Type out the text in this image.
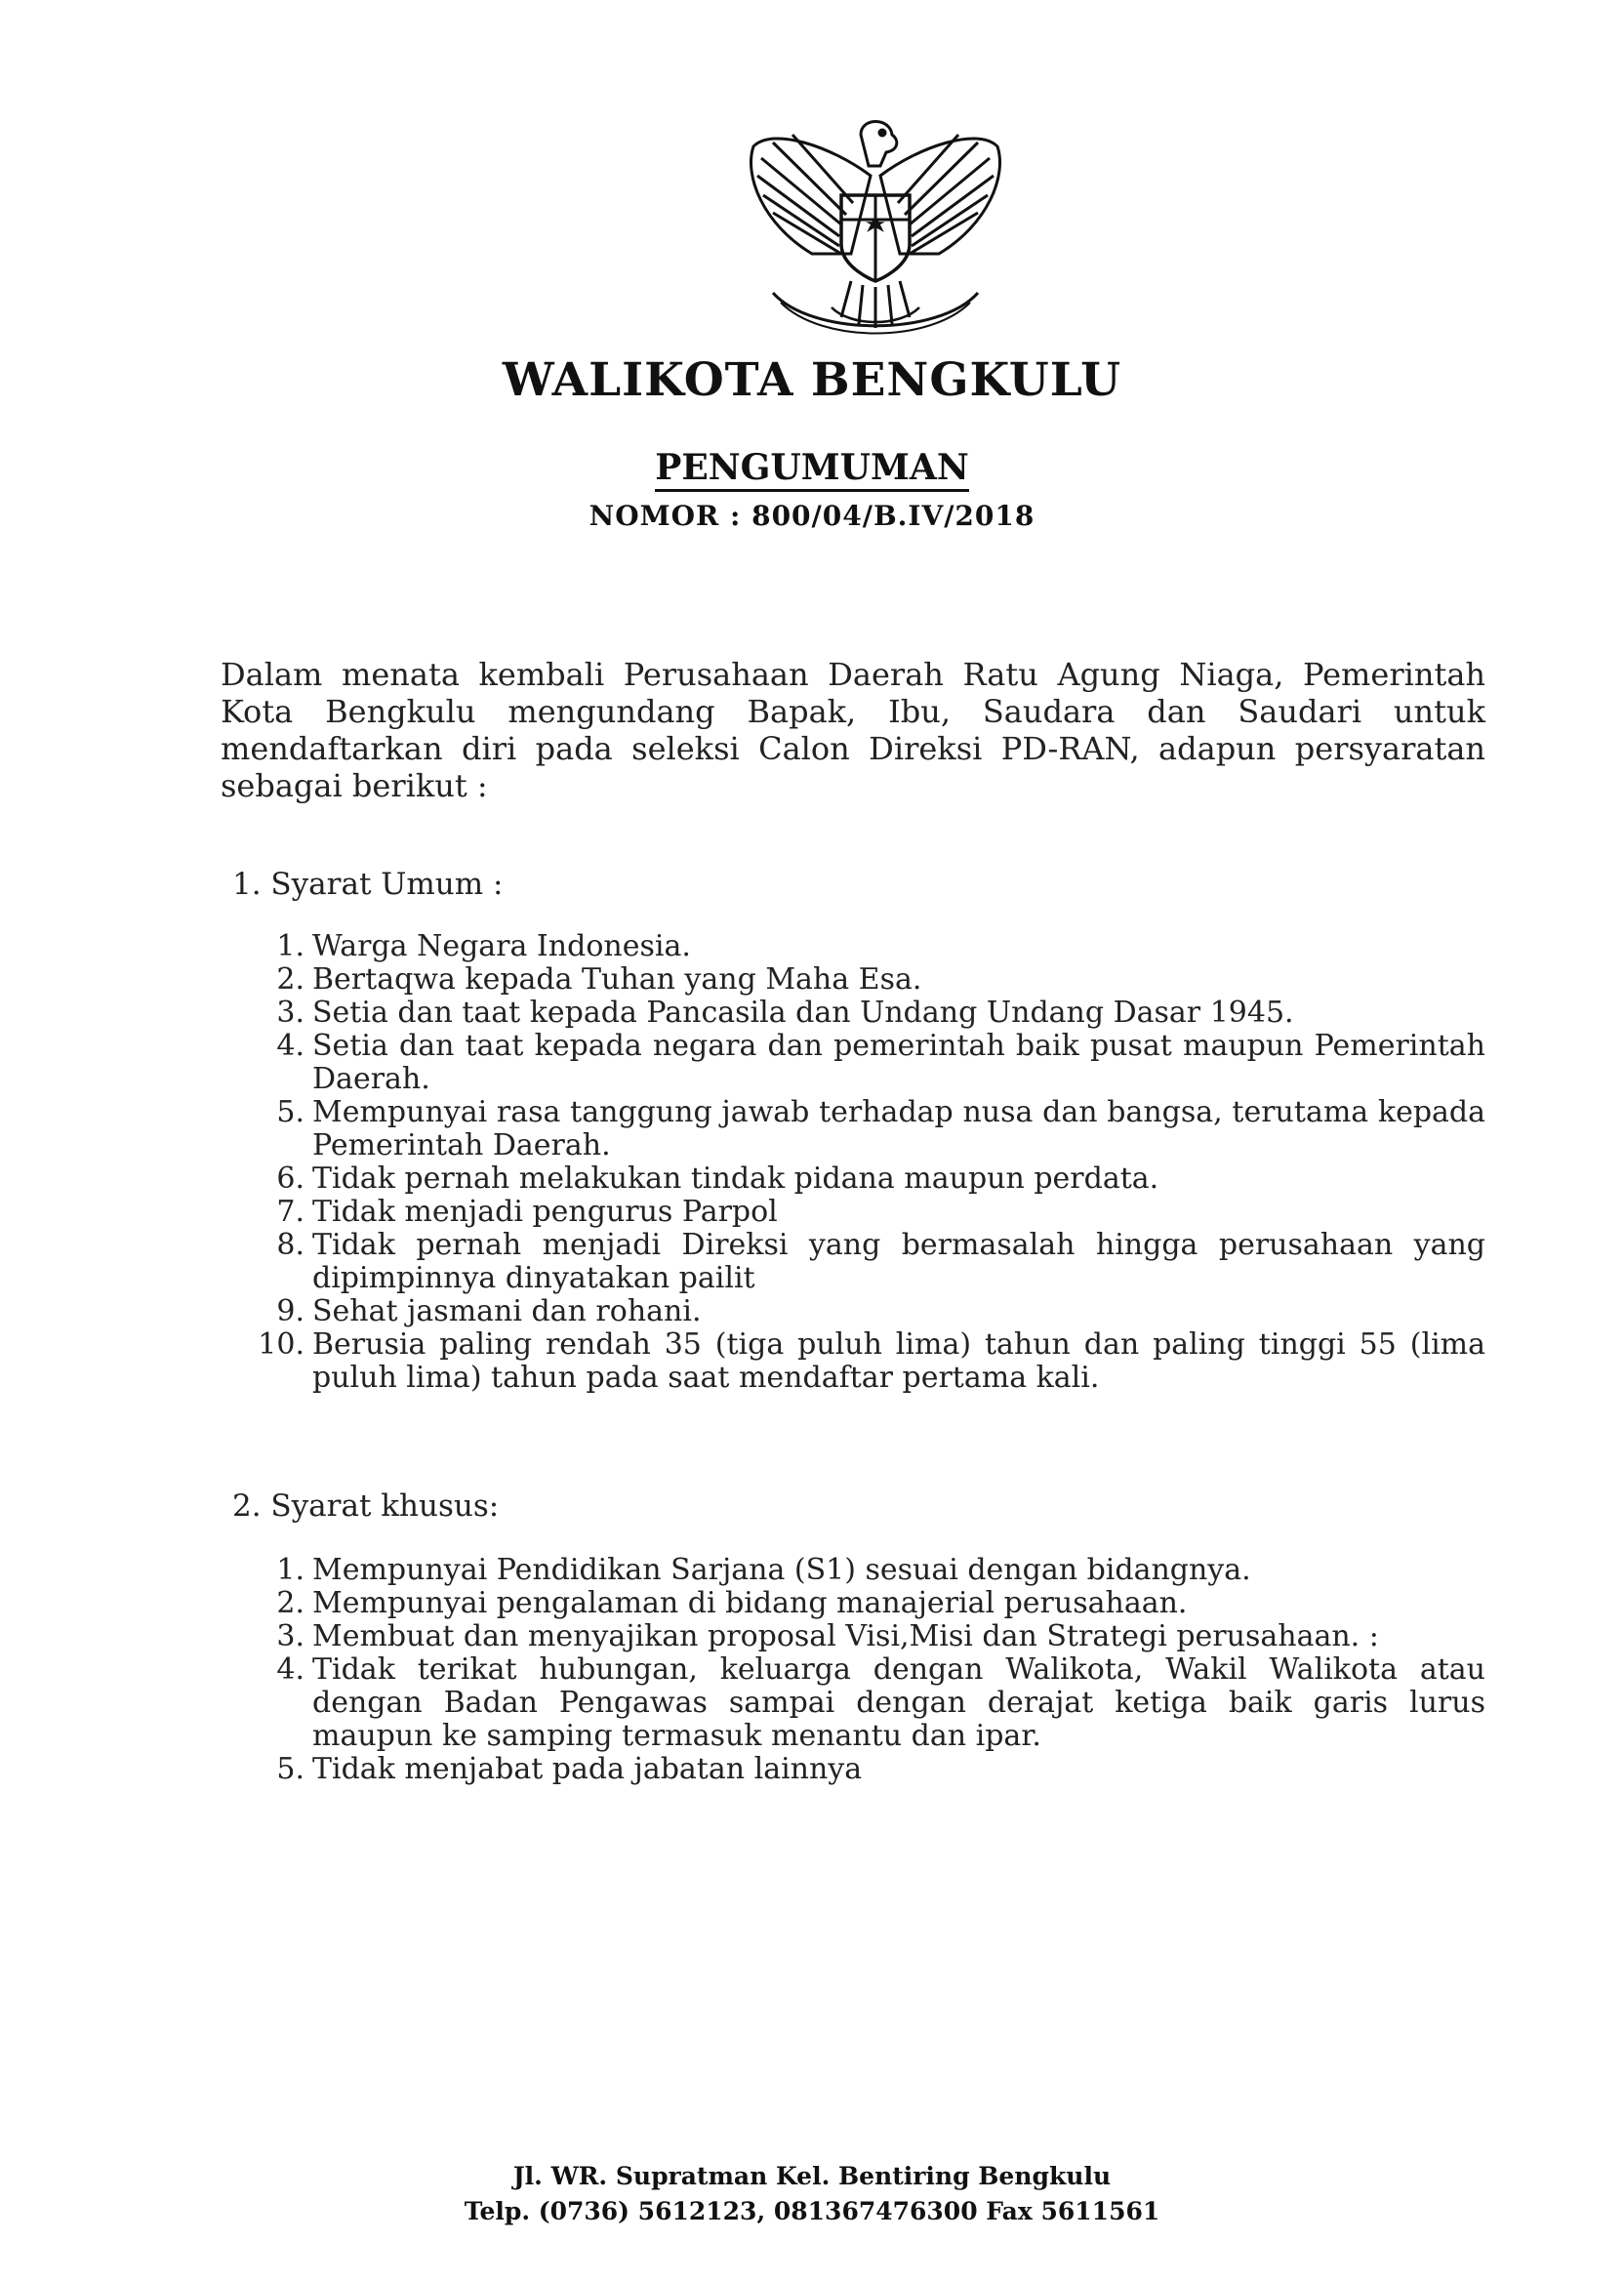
WALIKOTA BENGKULU
PENGUMUMAN
NOMOR : 800/04/B.IV/2018
Dalam menata kembali Perusahaan Daerah Ratu Agung Niaga, Pemerintah Kota Bengkulu mengundang Bapak, Ibu, Saudara dan Saudari untuk mendaftarkan diri pada seleksi Calon Direksi PD-RAN, adapun persyaratan sebagai berikut :
1. Syarat Umum :
1. Warga Negara Indonesia.
2. Bertaqwa kepada Tuhan yang Maha Esa.
3. Setia dan taat kepada Pancasila dan Undang Undang Dasar 1945.
4. Setia dan taat kepada negara dan pemerintah baik pusat maupun Pemerintah Daerah.
5. Mempunyai rasa tanggung jawab terhadap nusa dan bangsa, terutama kepada Pemerintah Daerah.
6. Tidak pernah melakukan tindak pidana maupun perdata.
7. Tidak menjadi pengurus Parpol
8. Tidak pernah menjadi Direksi yang bermasalah hingga perusahaan yang dipimpinnya dinyatakan pailit
9. Sehat jasmani dan rohani.
10. Berusia paling rendah 35 (tiga puluh lima) tahun dan paling tinggi 55 (lima puluh lima) tahun pada saat mendaftar pertama kali.
2. Syarat khusus:
1. Mempunyai Pendidikan Sarjana (S1) sesuai dengan bidangnya.
2. Mempunyai pengalaman di bidang manajerial perusahaan.
3. Membuat dan menyajikan proposal Visi,Misi dan Strategi perusahaan. :
4. Tidak terikat hubungan, keluarga dengan Walikota, Wakil Walikota atau dengan Badan Pengawas sampai dengan derajat ketiga baik garis lurus maupun ke samping termasuk menantu dan ipar.
5. Tidak menjabat pada jabatan lainnya
Jl. WR. Supratman Kel. Bentiring Bengkulu
Telp. (0736) 5612123, 081367476300 Fax 5611561
